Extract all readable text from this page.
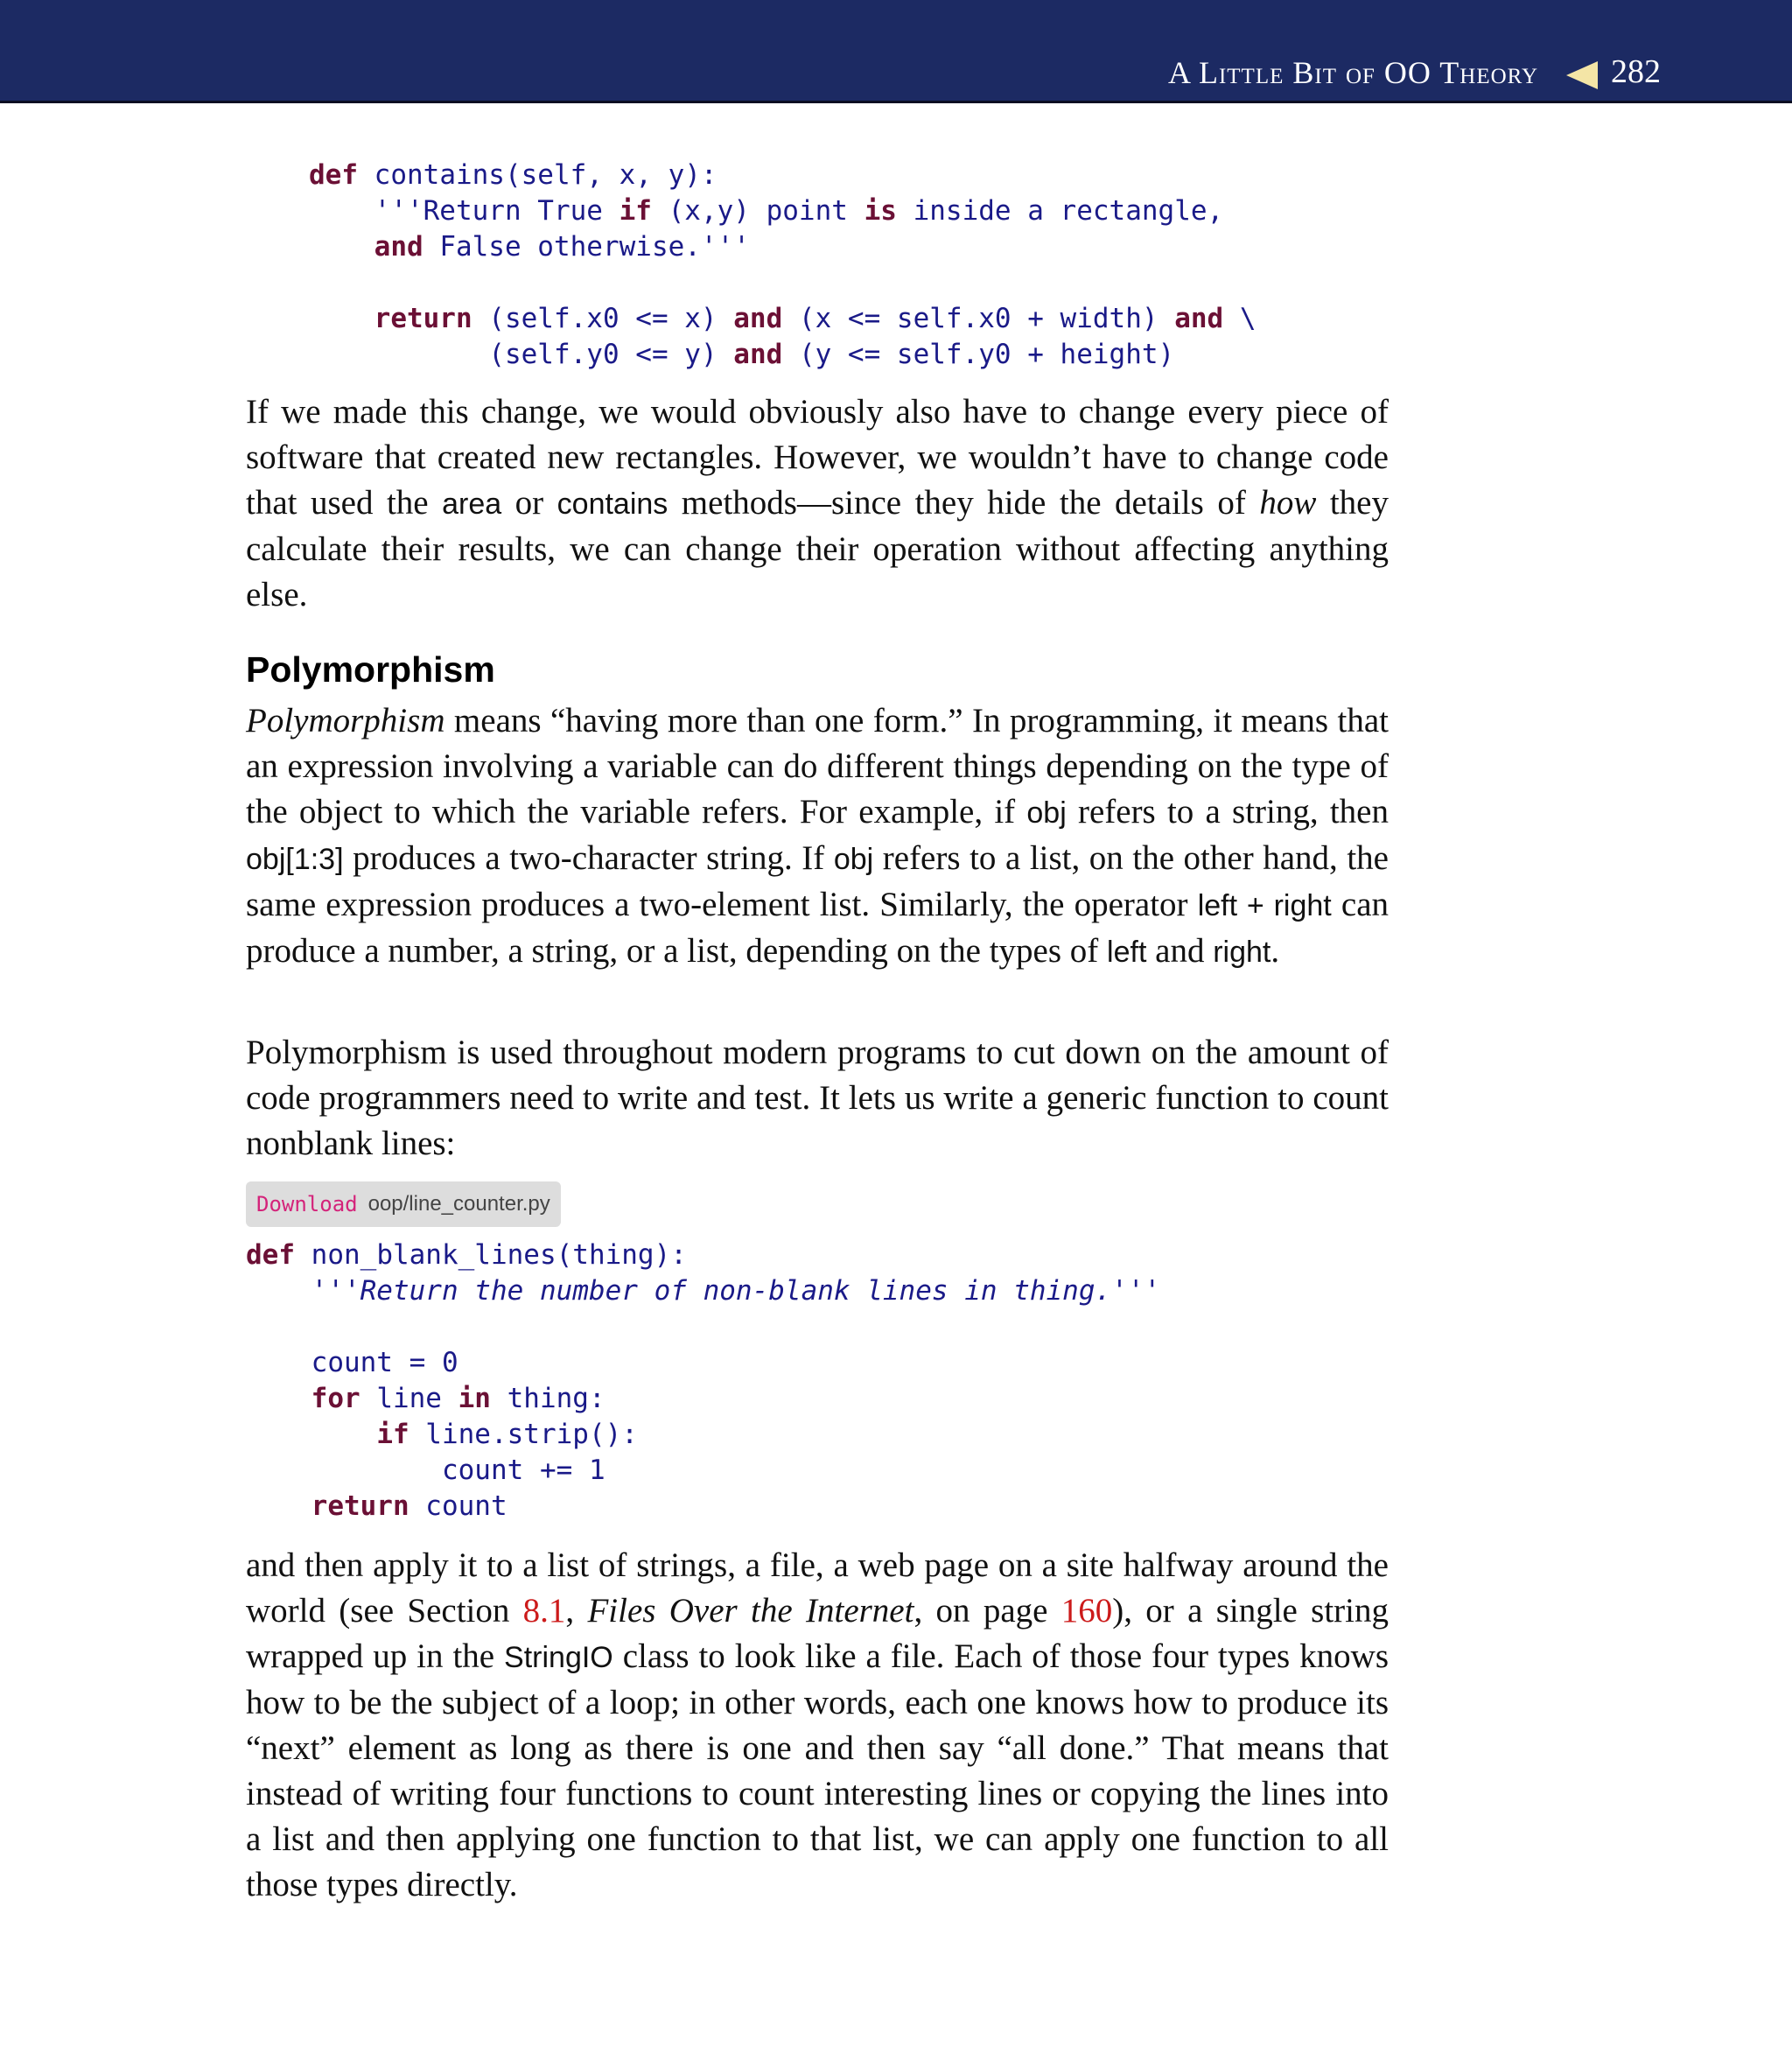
A Little Bit of OO Theory 282
def contains(self, x, y):
'''Return True if (x,y) point is inside a rectangle,
and False otherwise.'''

return (self.x0 <= x) and (x <= self.x0 + width) and \
(self.y0 <= y) and (y <= self.y0 + height)

If we made this change, we would obviously also have to change every piece of software that created new rectangles. However, we wouldn’t have to change code that used the area or contains methods—since they hide the details of how they calculate their results, we can change their operation without affecting anything else.

Polymorphism

Polymorphism means “having more than one form.” In programming, it means that an expression involving a variable can do different things depending on the type of the object to which the variable refers. For example, if obj refers to a string, then obj[1:3] produces a two-character string. If obj refers to a list, on the other hand, the same expression produces a two-element list. Similarly, the operator left + right can produce a number, a string, or a list, depending on the types of left and right.

Polymorphism is used throughout modern programs to cut down on the amount of code programmers need to write and test. It lets us write a generic function to count nonblank lines:

Download oop/line_counter.py
def non_blank_lines(thing):
'''Return the number of non-blank lines in thing.'''

count = 0
for line in thing:
if line.strip():
count += 1
return count

and then apply it to a list of strings, a file, a web page on a site halfway around the world (see Section 8.1, Files Over the Internet, on page 160), or a single string wrapped up in the StringIO class to look like a file. Each of those four types knows how to be the subject of a loop; in other words, each one knows how to produce its “next” element as long as there is one and then say “all done.” That means that instead of writing four functions to count interesting lines or copying the lines into a list and then applying one function to that list, we can apply one function to all those types directly.
